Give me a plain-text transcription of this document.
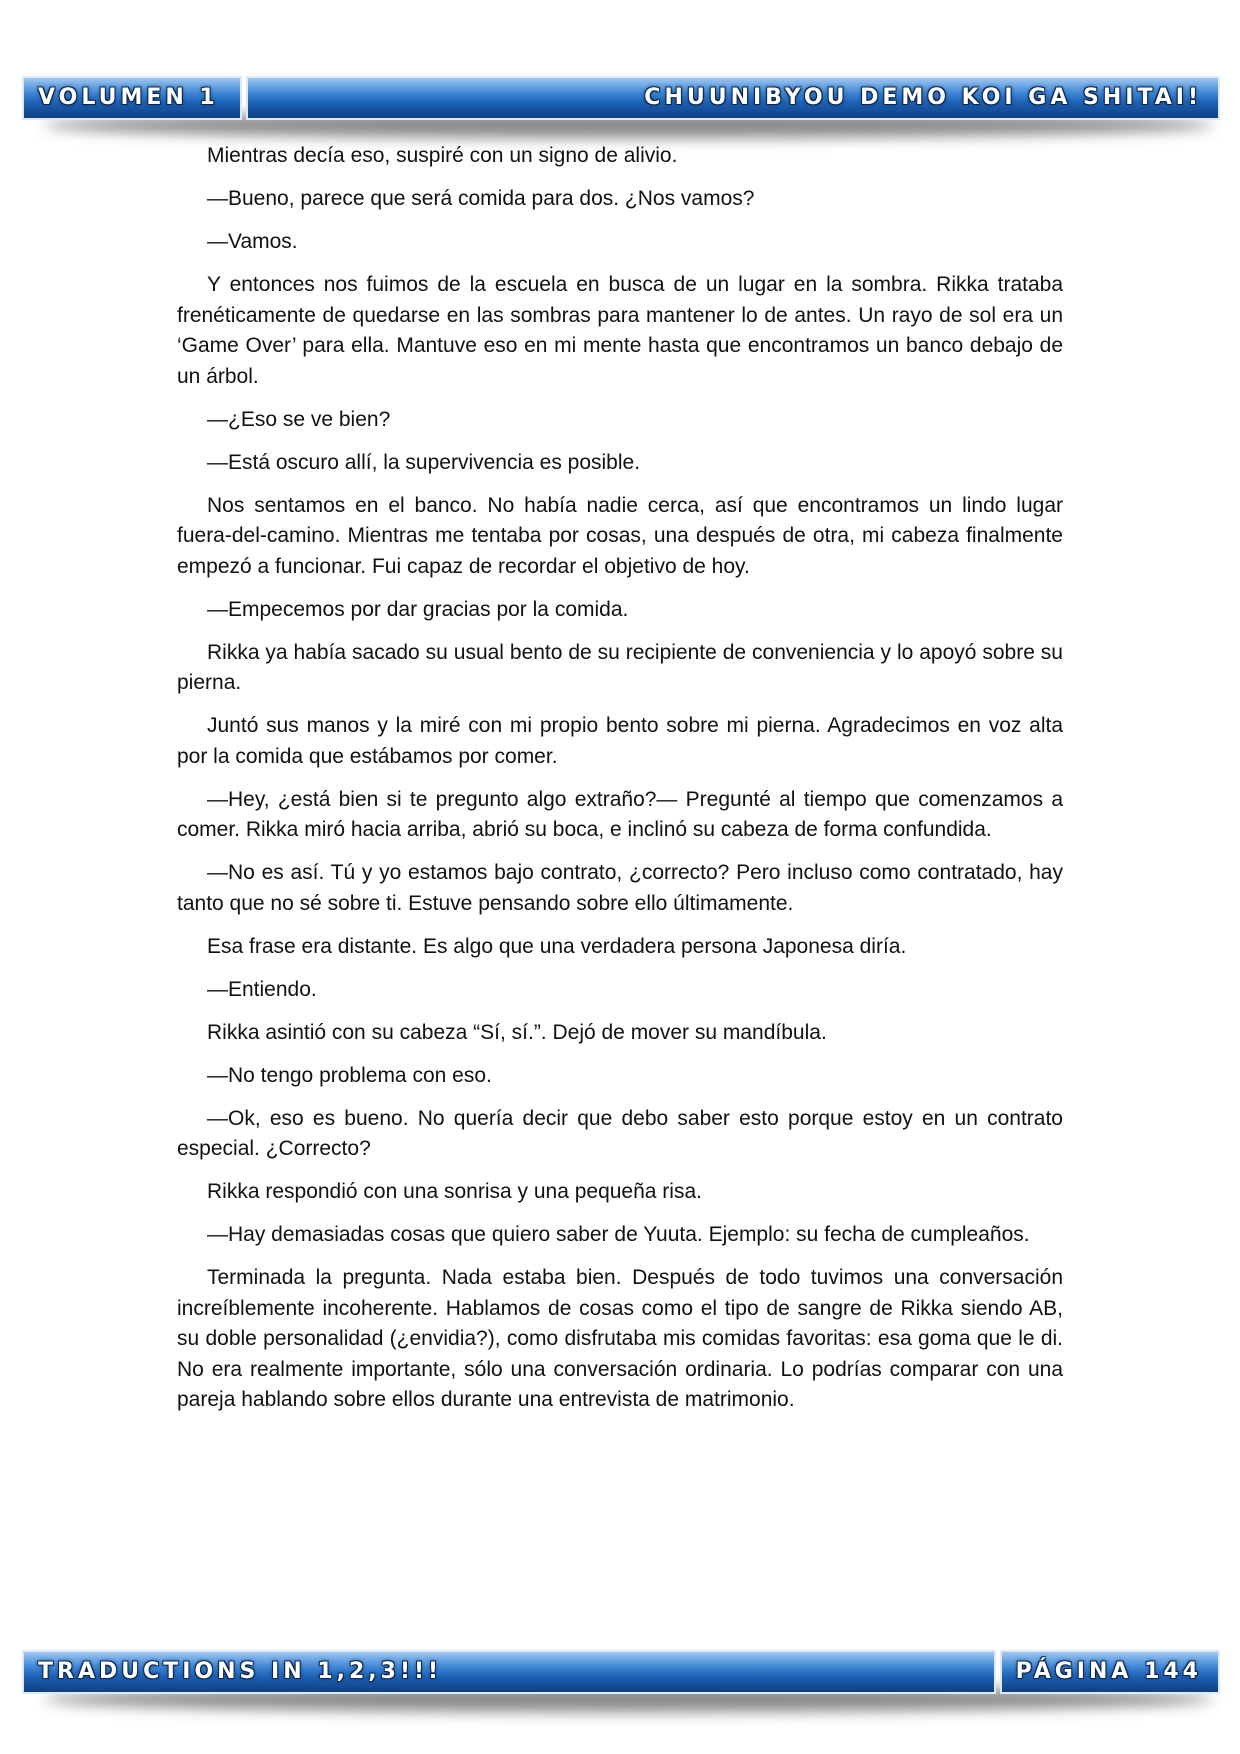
VOLUMEN 1	CHUUNIBYOU DEMO KOI GA SHITAI!

Mientras decía eso, suspiré con un signo de alivio.

—Bueno, parece que será comida para dos. ¿Nos vamos?

—Vamos.

Y entonces nos fuimos de la escuela en busca de un lugar en la sombra. Rikka trataba frenéticamente de quedarse en las sombras para mantener lo de antes. Un rayo de sol era un ‘Game Over’ para ella. Mantuve eso en mi mente hasta que encontramos un banco debajo de un árbol.

—¿Eso se ve bien?

—Está oscuro allí, la supervivencia es posible.

Nos sentamos en el banco. No había nadie cerca, así que encontramos un lindo lugar fuera-del-camino. Mientras me tentaba por cosas, una después de otra, mi cabeza finalmente empezó a funcionar. Fui capaz de recordar el objetivo de hoy.

—Empecemos por dar gracias por la comida.

Rikka ya había sacado su usual bento de su recipiente de conveniencia y lo apoyó sobre su pierna.

Juntó sus manos y la miré con mi propio bento sobre mi pierna. Agradecimos en voz alta por la comida que estábamos por comer.

—Hey, ¿está bien si te pregunto algo extraño?— Pregunté al tiempo que comenzamos a comer. Rikka miró hacia arriba, abrió su boca, e inclinó su cabeza de forma confundida.

—No es así. Tú y yo estamos bajo contrato, ¿correcto? Pero incluso como contratado, hay tanto que no sé sobre ti. Estuve pensando sobre ello últimamente.

Esa frase era distante. Es algo que una verdadera persona Japonesa diría.

—Entiendo.

Rikka asintió con su cabeza “Sí, sí.”. Dejó de mover su mandíbula.

—No tengo problema con eso.

—Ok, eso es bueno. No quería decir que debo saber esto porque estoy en un contrato especial. ¿Correcto?

Rikka respondió con una sonrisa y una pequeña risa.

—Hay demasiadas cosas que quiero saber de Yuuta. Ejemplo: su fecha de cumpleaños.

Terminada la pregunta. Nada estaba bien. Después de todo tuvimos una conversación increíblemente incoherente. Hablamos de cosas como el tipo de sangre de Rikka siendo AB, su doble personalidad (¿envidia?), como disfrutaba mis comidas favoritas: esa goma que le di. No era realmente importante, sólo una conversación ordinaria. Lo podrías comparar con una pareja hablando sobre ellos durante una entrevista de matrimonio.

TRADUCTIONS IN 1,2,3!!!	PÁGINA 144
